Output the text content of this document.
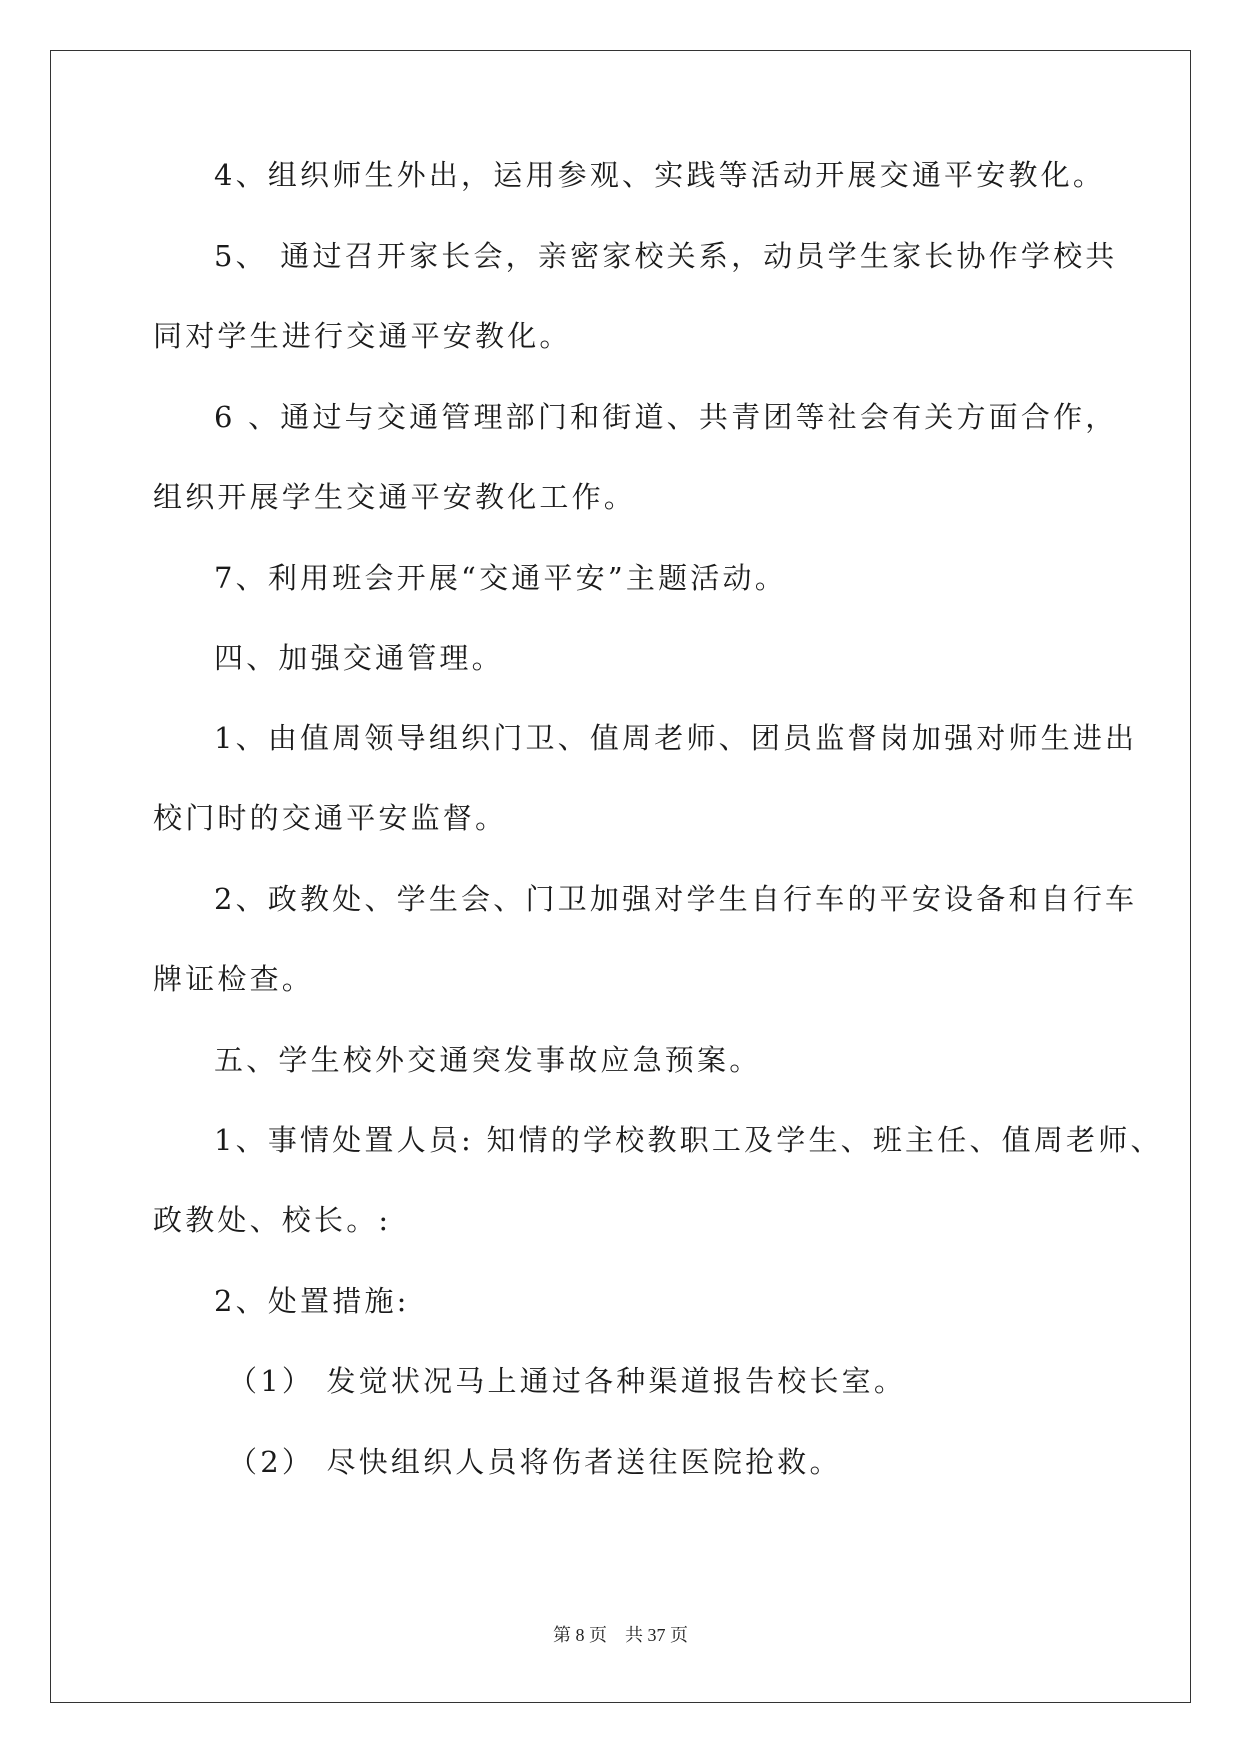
4、组织师生外出，运用参观、实践等活动开展交通平安教化。
5、 通过召开家长会，亲密家校关系，动员学生家长协作学校共
同对学生进行交通平安教化。
6 、通过与交通管理部门和街道、共青团等社会有关方面合作，
组织开展学生交通平安教化工作。
7、利用班会开展“交通平安”主题活动。
四、加强交通管理。
1、由值周领导组织门卫、值周老师、团员监督岗加强对师生进出
校门时的交通平安监督。
2、政教处、学生会、门卫加强对学生自行车的平安设备和自行车
牌证检查。
五、学生校外交通突发事故应急预案。
1、事情处置人员: 知情的学校教职工及学生、班主任、值周老师、
政教处、校长。:
2、处置措施:
（1） 发觉状况马上通过各种渠道报告校长室。
（2） 尽快组织人员将伤者送往医院抢救。
第 8 页    共 37 页
